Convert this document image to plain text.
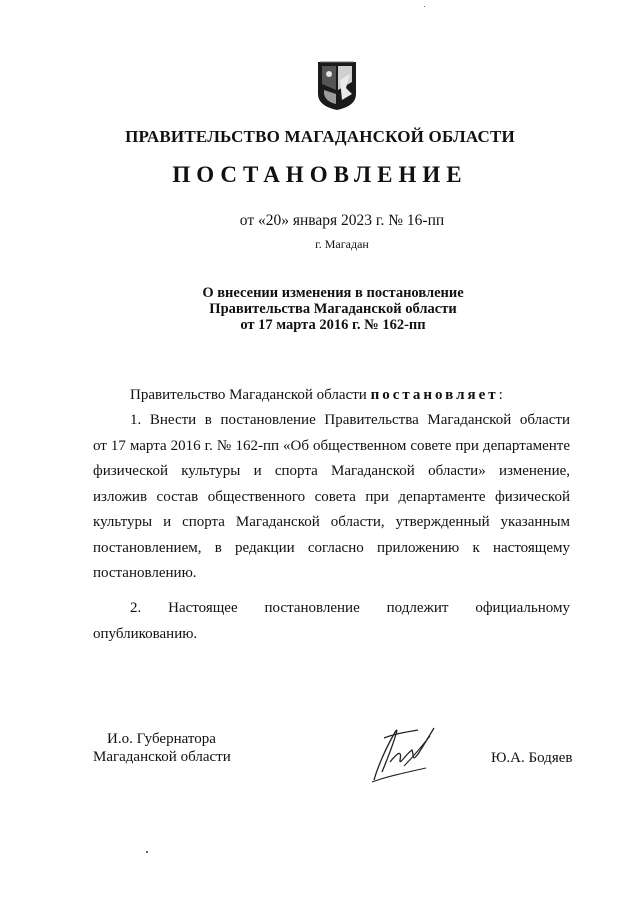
ПРАВИТЕЛЬСТВО МАГАДАНСКОЙ ОБЛАСТИ
ПОСТАНОВЛЕНИЕ
от «20» января 2023 г. № 16-пп
г. Магадан
О внесении изменения в постановление
Правительства Магаданской области
от 17 марта 2016 г. № 162-пп
Правительство Магаданской области постановляет:
1. Внести в постановление Правительства Магаданской области
от 17 марта 2016 г. № 162-пп «Об общественном совете при департаменте
физической культуры и спорта Магаданской области» изменение,
изложив состав общественного совета при департаменте физической
культуры и спорта Магаданской области, утвержденный указанным
постановлением, в редакции согласно приложению к настоящему
постановлению.
2. Настоящее постановление подлежит официальному
опубликованию.
И.о. Губернатора
Магаданской области	Ю.А. Бодяев
